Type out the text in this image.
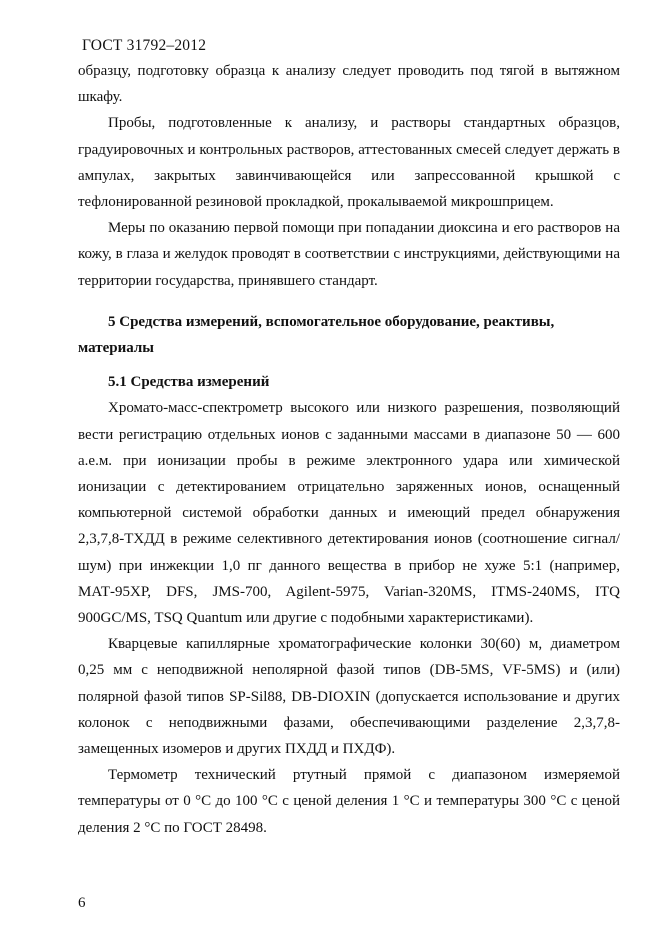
ГОСТ 31792–2012

образцу, подготовку образца к анализу следует проводить под тягой в вытяжном шкафу.

Пробы, подготовленные к анализу, и растворы стандартных образцов, градуировочных и контрольных растворов, аттестованных смесей следует держать в ампулах, закрытых завинчивающейся или запрессованной крышкой с тефлонированной резиновой прокладкой, прокалываемой микрошприцем.

Меры по оказанию первой помощи при попадании диоксина и его растворов на кожу, в глаза и желудок проводят в соответствии с инструкциями, действующими на территории государства, принявшего стандарт.

5 Средства измерений, вспомогательное оборудование, реактивы, материалы

5.1 Средства измерений

Хромато-масс-спектрометр высокого или низкого разрешения, позволяющий вести регистрацию отдельных ионов с заданными массами в диапазоне 50 — 600 а.е.м. при ионизации пробы в режиме электронного удара или химической ионизации с детектированием отрицательно заряженных ионов, оснащенный компьютерной системой обработки данных и имеющий предел обнаружения 2,3,7,8-ТХДД в режиме селективного детектирования ионов (соотношение сигнал/шум) при инжекции 1,0 пг данного вещества в прибор не хуже 5:1 (например, МАТ-95ХР, DFS, JMS-700, Agilent-5975, Varian-320MS, ITMS-240MS, ITQ 900GC/MS, TSQ Quantum или другие с подобными характеристиками).

Кварцевые капиллярные хроматографические колонки 30(60) м, диаметром 0,25 мм с неподвижной неполярной фазой типов (DB-5MS, VF-5MS) и (или) полярной фазой типов SP-Sil88, DB-DIOXIN (допускается использование и других колонок с неподвижными фазами, обеспечивающими разделение 2,3,7,8-замещенных изомеров и других ПХДД и ПХДФ).

Термометр технический ртутный прямой с диапазоном измеряемой температуры от 0 °С до 100 °С с ценой деления 1 °С и температуры 300 °С с ценой деления 2 °С по ГОСТ 28498.

6
